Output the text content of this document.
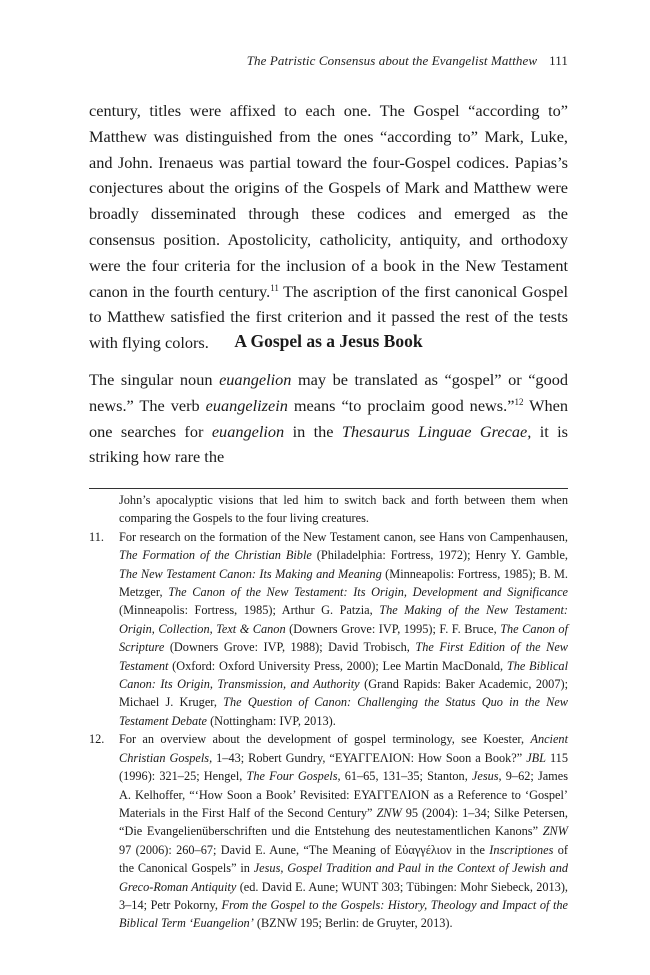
The Patristic Consensus about the Evangelist Matthew 111

century, titles were affixed to each one. The Gospel “according to” Matthew was distinguished from the ones “according to” Mark, Luke, and John. Irenaeus was partial toward the four-Gospel codices. Papias’s conjectures about the origins of the Gospels of Mark and Matthew were broadly disseminated through these codices and emerged as the consensus position. Apostolicity, catholicity, antiquity, and orthodoxy were the four criteria for the inclusion of a book in the New Testament canon in the fourth century.$^{11}$ The ascription of the first canonical Gospel to Matthew satisfied the first criterion and it passed the rest of the tests with flying colors.	A Gospel as a Jesus Book

The singular noun euangelion may be translated as “gospel” or “good news.” The verb euangelizein means “to proclaim good news.”$^{12}$ When one searches for euangelion in the Thesaurus Linguae Grecae, it is striking how rare the

John’s apocalyptic visions that led him to switch back and forth between them when comparing the Gospels to the four living creatures.
11. For research on the formation of the New Testament canon, see Hans von Campenhausen, The Formation of the Christian Bible (Philadelphia: Fortress, 1972); Henry Y. Gamble, The New Testament Canon: Its Making and Meaning (Minneapolis: Fortress, 1985); B. M. Metzger, The Canon of the New Testament: Its Origin, Development and Significance (Minneapolis: Fortress, 1985); Arthur G. Patzia, The Making of the New Testament: Origin, Collection, Text & Canon (Downers Grove: IVP, 1995); F. F. Bruce, The Canon of Scripture (Downers Grove: IVP, 1988); David Trobisch, The First Edition of the New Testament (Oxford: Oxford University Press, 2000); Lee Martin MacDonald, The Biblical Canon: Its Origin, Transmission, and Authority (Grand Rapids: Baker Academic, 2007); Michael J. Kruger, The Question of Canon: Challenging the Status Quo in the New Testament Debate (Nottingham: IVP, 2013).
12. For an overview about the development of gospel terminology, see Koester, Ancient Christian Gospels, 1–43; Robert Gundry, “ΕΥΑΓΓΕΛΙΟΝ: How Soon a Book?” JBL 115 (1996): 321–25; Hengel, The Four Gospels, 61–65, 131–35; Stanton, Jesus, 9–62; James A. Kelhoffer, “‘How Soon a Book’ Revisited: ΕΥΑΓΓΕΛΙΟΝ as a Reference to ‘Gospel’ Materials in the First Half of the Second Century” ZNW 95 (2004): 1–34; Silke Petersen, “Die Evangelienüberschriften und die Entstehung des neutestamentlichen Kanons” ZNW 97 (2006): 260–67; David E. Aune, “The Meaning of Εὐαγγέλιον in the Inscriptiones of the Canonical Gospels” in Jesus, Gospel Tradition and Paul in the Context of Jewish and Greco-Roman Antiquity (ed. David E. Aune; WUNT 303; Tübingen: Mohr Siebeck, 2013), 3–14; Petr Pokorny, From the Gospel to the Gospels: History, Theology and Impact of the Biblical Term ‘Euangelion’ (BZNW 195; Berlin: de Gruyter, 2013).
